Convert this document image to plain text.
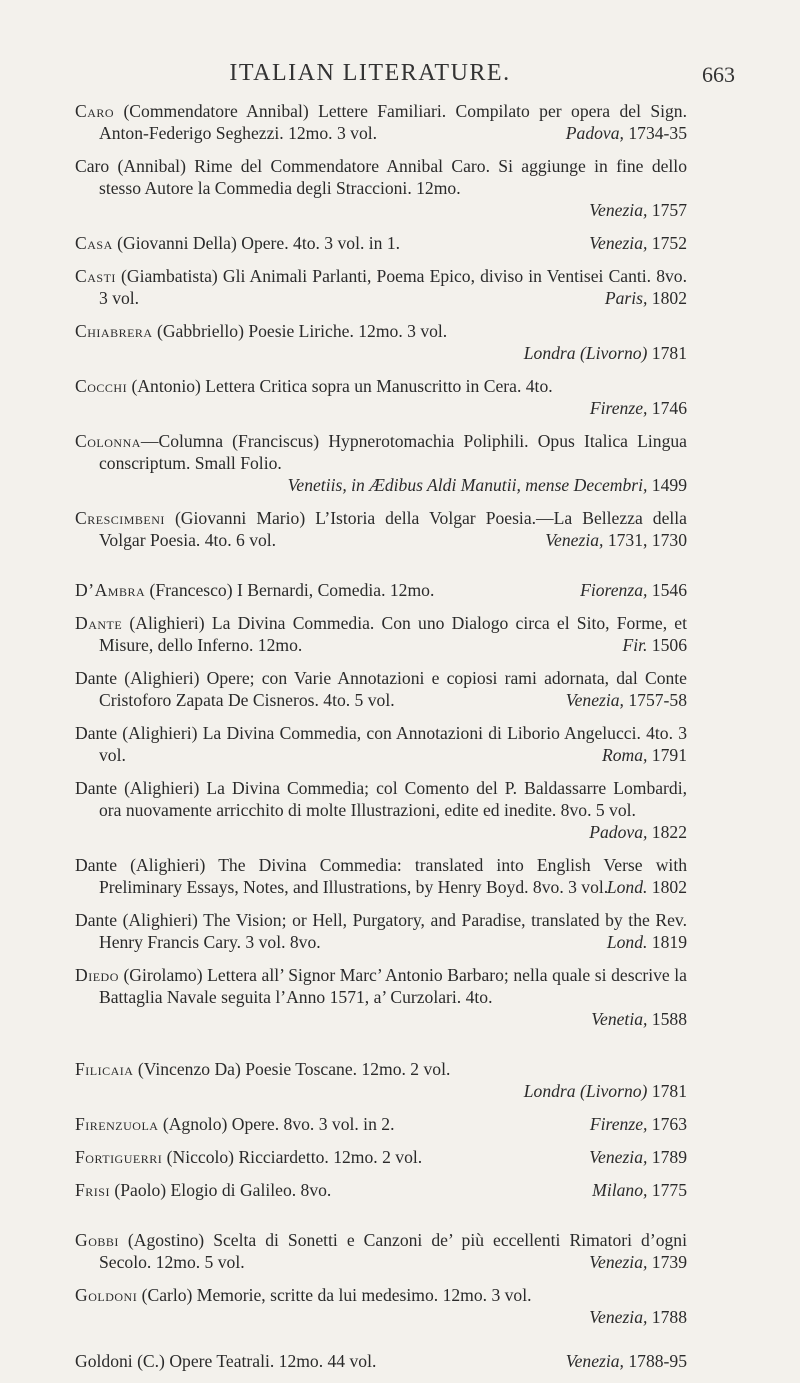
ITALIAN LITERATURE.	663
Caro (Commendatore Annibal) Lettere Familiari. Compilato per opera del Sign. Anton-Federigo Seghezzi. 12mo. 3 vol.	Padova, 1734-35
Caro (Annibal) Rime del Commendatore Annibal Caro. Si aggiunge in fine dello stesso Autore la Commedia degli Straccioni. 12mo.
Venezia, 1757
Casa (Giovanni Della) Opere. 4to. 3 vol. in 1.	Venezia, 1752
Casti (Giambatista) Gli Animali Parlanti, Poema Epico, diviso in Ventisei Canti. 8vo. 3 vol.	Paris, 1802
Chiabrera (Gabbriello) Poesie Liriche. 12mo. 3 vol.
Londra (Livorno) 1781
Cocchi (Antonio) Lettera Critica sopra un Manuscritto in Cera. 4to.
Firenze, 1746
Colonna—Columna (Franciscus) Hypnerotomachia Poliphili. Opus Italica Lingua conscriptum. Small Folio.
Venetiis, in Ædibus Aldi Manutii, mense Decembri, 1499
Crescimbeni (Giovanni Mario) L’Istoria della Volgar Poesia.—La Bellezza della Volgar Poesia. 4to. 6 vol.	Venezia, 1731, 1730
D’Ambra (Francesco) I Bernardi, Comedia. 12mo.	Fiorenza, 1546
Dante (Alighieri) La Divina Commedia. Con uno Dialogo circa el Sito, Forme, et Misure, dello Inferno. 12mo.	Fir. 1506
Dante (Alighieri) Opere; con Varie Annotazioni e copiosi rami adornata, dal Conte Cristoforo Zapata De Cisneros. 4to. 5 vol.	Venezia, 1757-58
Dante (Alighieri) La Divina Commedia, con Annotazioni di Liborio Angelucci. 4to. 3 vol.	Roma, 1791
Dante (Alighieri) La Divina Commedia; col Comento del P. Baldassarre Lombardi, ora nuovamente arricchito di molte Illustrazioni, edite ed inedite. 8vo. 5 vol.
Padova, 1822
Dante (Alighieri) The Divina Commedia: translated into English Verse with Preliminary Essays, Notes, and Illustrations, by Henry Boyd. 8vo. 3 vol.
Lond. 1802
Dante (Alighieri) The Vision; or Hell, Purgatory, and Paradise, translated by the Rev. Henry Francis Cary. 3 vol. 8vo.	Lond. 1819
Diedo (Girolamo) Lettera all’ Signor Marc’ Antonio Barbaro; nella quale si descrive la Battaglia Navale seguita l’Anno 1571, a’ Curzolari. 4to.
Venetia, 1588
Filicaia (Vincenzo Da) Poesie Toscane. 12mo. 2 vol.
Londra (Livorno) 1781
Firenzuola (Agnolo) Opere. 8vo. 3 vol. in 2.	Firenze, 1763
Fortiguerri (Niccolo) Ricciardetto. 12mo. 2 vol.	Venezia, 1789
Frisi (Paolo) Elogio di Galileo. 8vo.	Milano, 1775
Gobbi (Agostino) Scelta di Sonetti e Canzoni de’ più eccellenti Rimatori d’ogni Secolo. 12mo. 5 vol.	Venezia, 1739
Goldoni (Carlo) Memorie, scritte da lui medesimo. 12mo. 3 vol.
Venezia, 1788
Goldoni (C.) Opere Teatrali. 12mo. 44 vol.	Venezia, 1788-95
